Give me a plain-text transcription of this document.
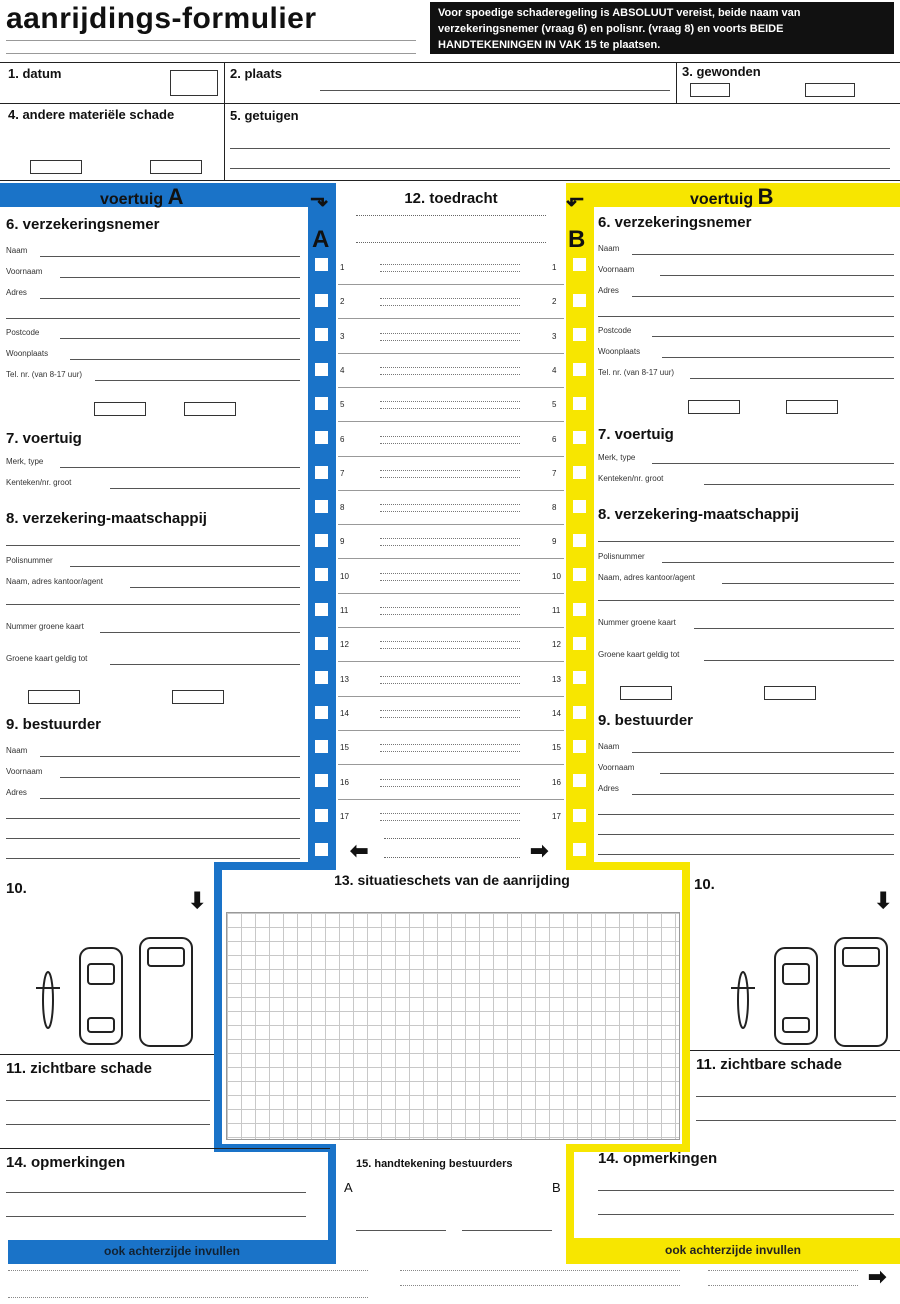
aanrijdings-formulier	Voor spoedige schaderegeling is ABSOLUUT vereist, beide naam van verzekeringsnemer (vraag 6) en polisnr. (vraag 8) en voorts BEIDE HANDTEKENINGEN IN VAK 15 te plaatsen.
1. datum	2. plaats	3. gewonden
4. andere materiële schade	5. getuigen
voertuig A
ook achterzijde invullen
voertuig B
ook achterzijde invullen
6. verzekeringsnemer
Naam
Voornaam
Adres
Postcode
Woonplaats
Tel. nr. (van 8-17 uur)
7. voertuig
Merk, type
Kenteken/nr. groot
8. verzekering-maatschappij
Polisnummer
Naam, adres kantoor/agent
Nummer groene kaart
Groene kaart geldig tot
9. bestuurder
Naam
Voornaam
Adres
10.	⬇
11. zichtbare schade
14. opmerkingen
6. verzekeringsnemer
Naam
Voornaam
Adres
Postcode
Woonplaats
Tel. nr. (van 8-17 uur)
7. voertuig
Merk, type
Kenteken/nr. groot
8. verzekering-maatschappij
Polisnummer
Naam, adres kantoor/agent
Nummer groene kaart
Groene kaart geldig tot
9. bestuurder
Naam
Voornaam
Adres
10.
⬇
11. zichtbare schade
14. opmerkingen
12. toedracht
A	B
⬎	⬐
1	1
2	2
3	3
4	4
5	5
6	6
7	7
8	8
9	9
10	10
11	11
12	12
13	13
14	14
15	15
16	16
17	17
⬅	➡
13. situatieschets van de aanrijding
15. handtekening bestuurders
A	B
➡
